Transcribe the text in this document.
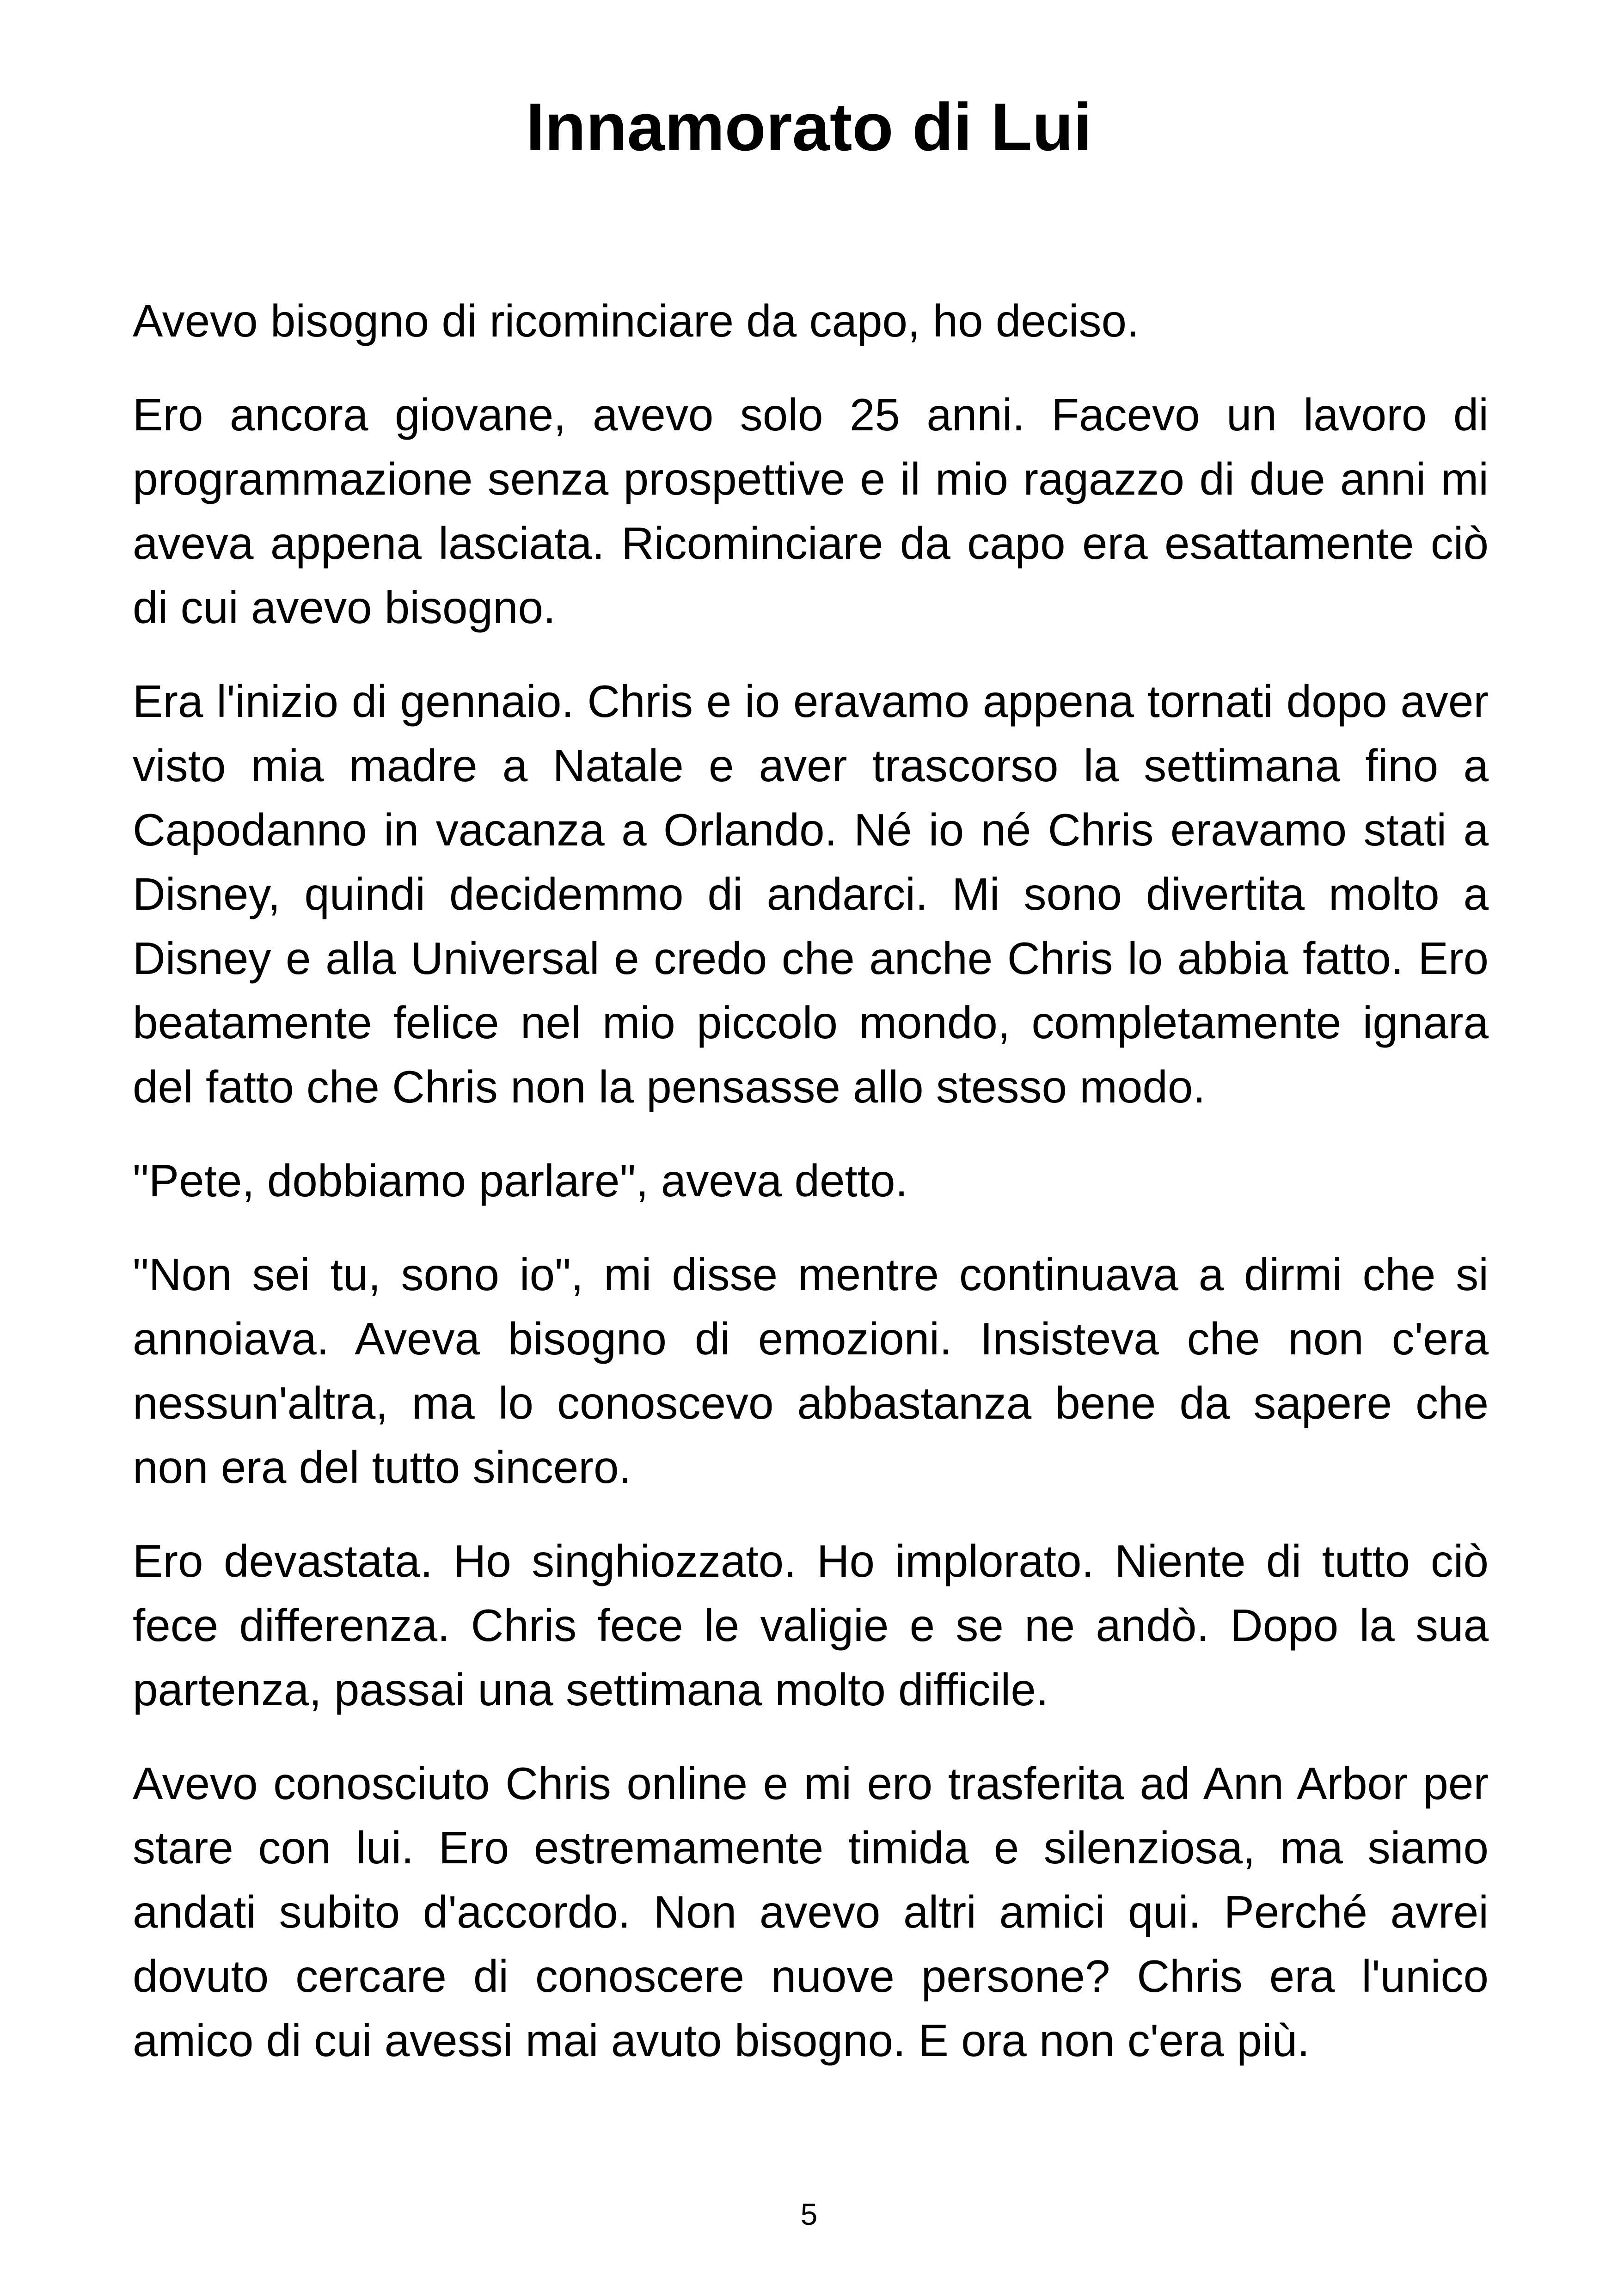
Innamorato di Lui

Avevo bisogno di ricominciare da capo, ho deciso.

Ero ancora giovane, avevo solo 25 anni. Facevo un lavoro di programmazione senza prospettive e il mio ragazzo di due anni mi aveva appena lasciata. Ricominciare da capo era esattamente ciò di cui avevo bisogno.

Era l'inizio di gennaio. Chris e io eravamo appena tornati dopo aver visto mia madre a Natale e aver trascorso la settimana fino a Capodanno in vacanza a Orlando. Né io né Chris eravamo stati a Disney, quindi decidemmo di andarci. Mi sono divertita molto a Disney e alla Universal e credo che anche Chris lo abbia fatto. Ero beatamente felice nel mio piccolo mondo, completamente ignara del fatto che Chris non la pensasse allo stesso modo.

"Pete, dobbiamo parlare", aveva detto.

"Non sei tu, sono io", mi disse mentre continuava a dirmi che si annoiava. Aveva bisogno di emozioni. Insisteva che non c'era nessun'altra, ma lo conoscevo abbastanza bene da sapere che non era del tutto sincero.

Ero devastata. Ho singhiozzato. Ho implorato. Niente di tutto ciò fece differenza. Chris fece le valigie e se ne andò. Dopo la sua partenza, passai una settimana molto difficile.

Avevo conosciuto Chris online e mi ero trasferita ad Ann Arbor per stare con lui. Ero estremamente timida e silenziosa, ma siamo andati subito d'accordo. Non avevo altri amici qui. Perché avrei dovuto cercare di conoscere nuove persone? Chris era l'unico amico di cui avessi mai avuto bisogno. E ora non c'era più.

5
